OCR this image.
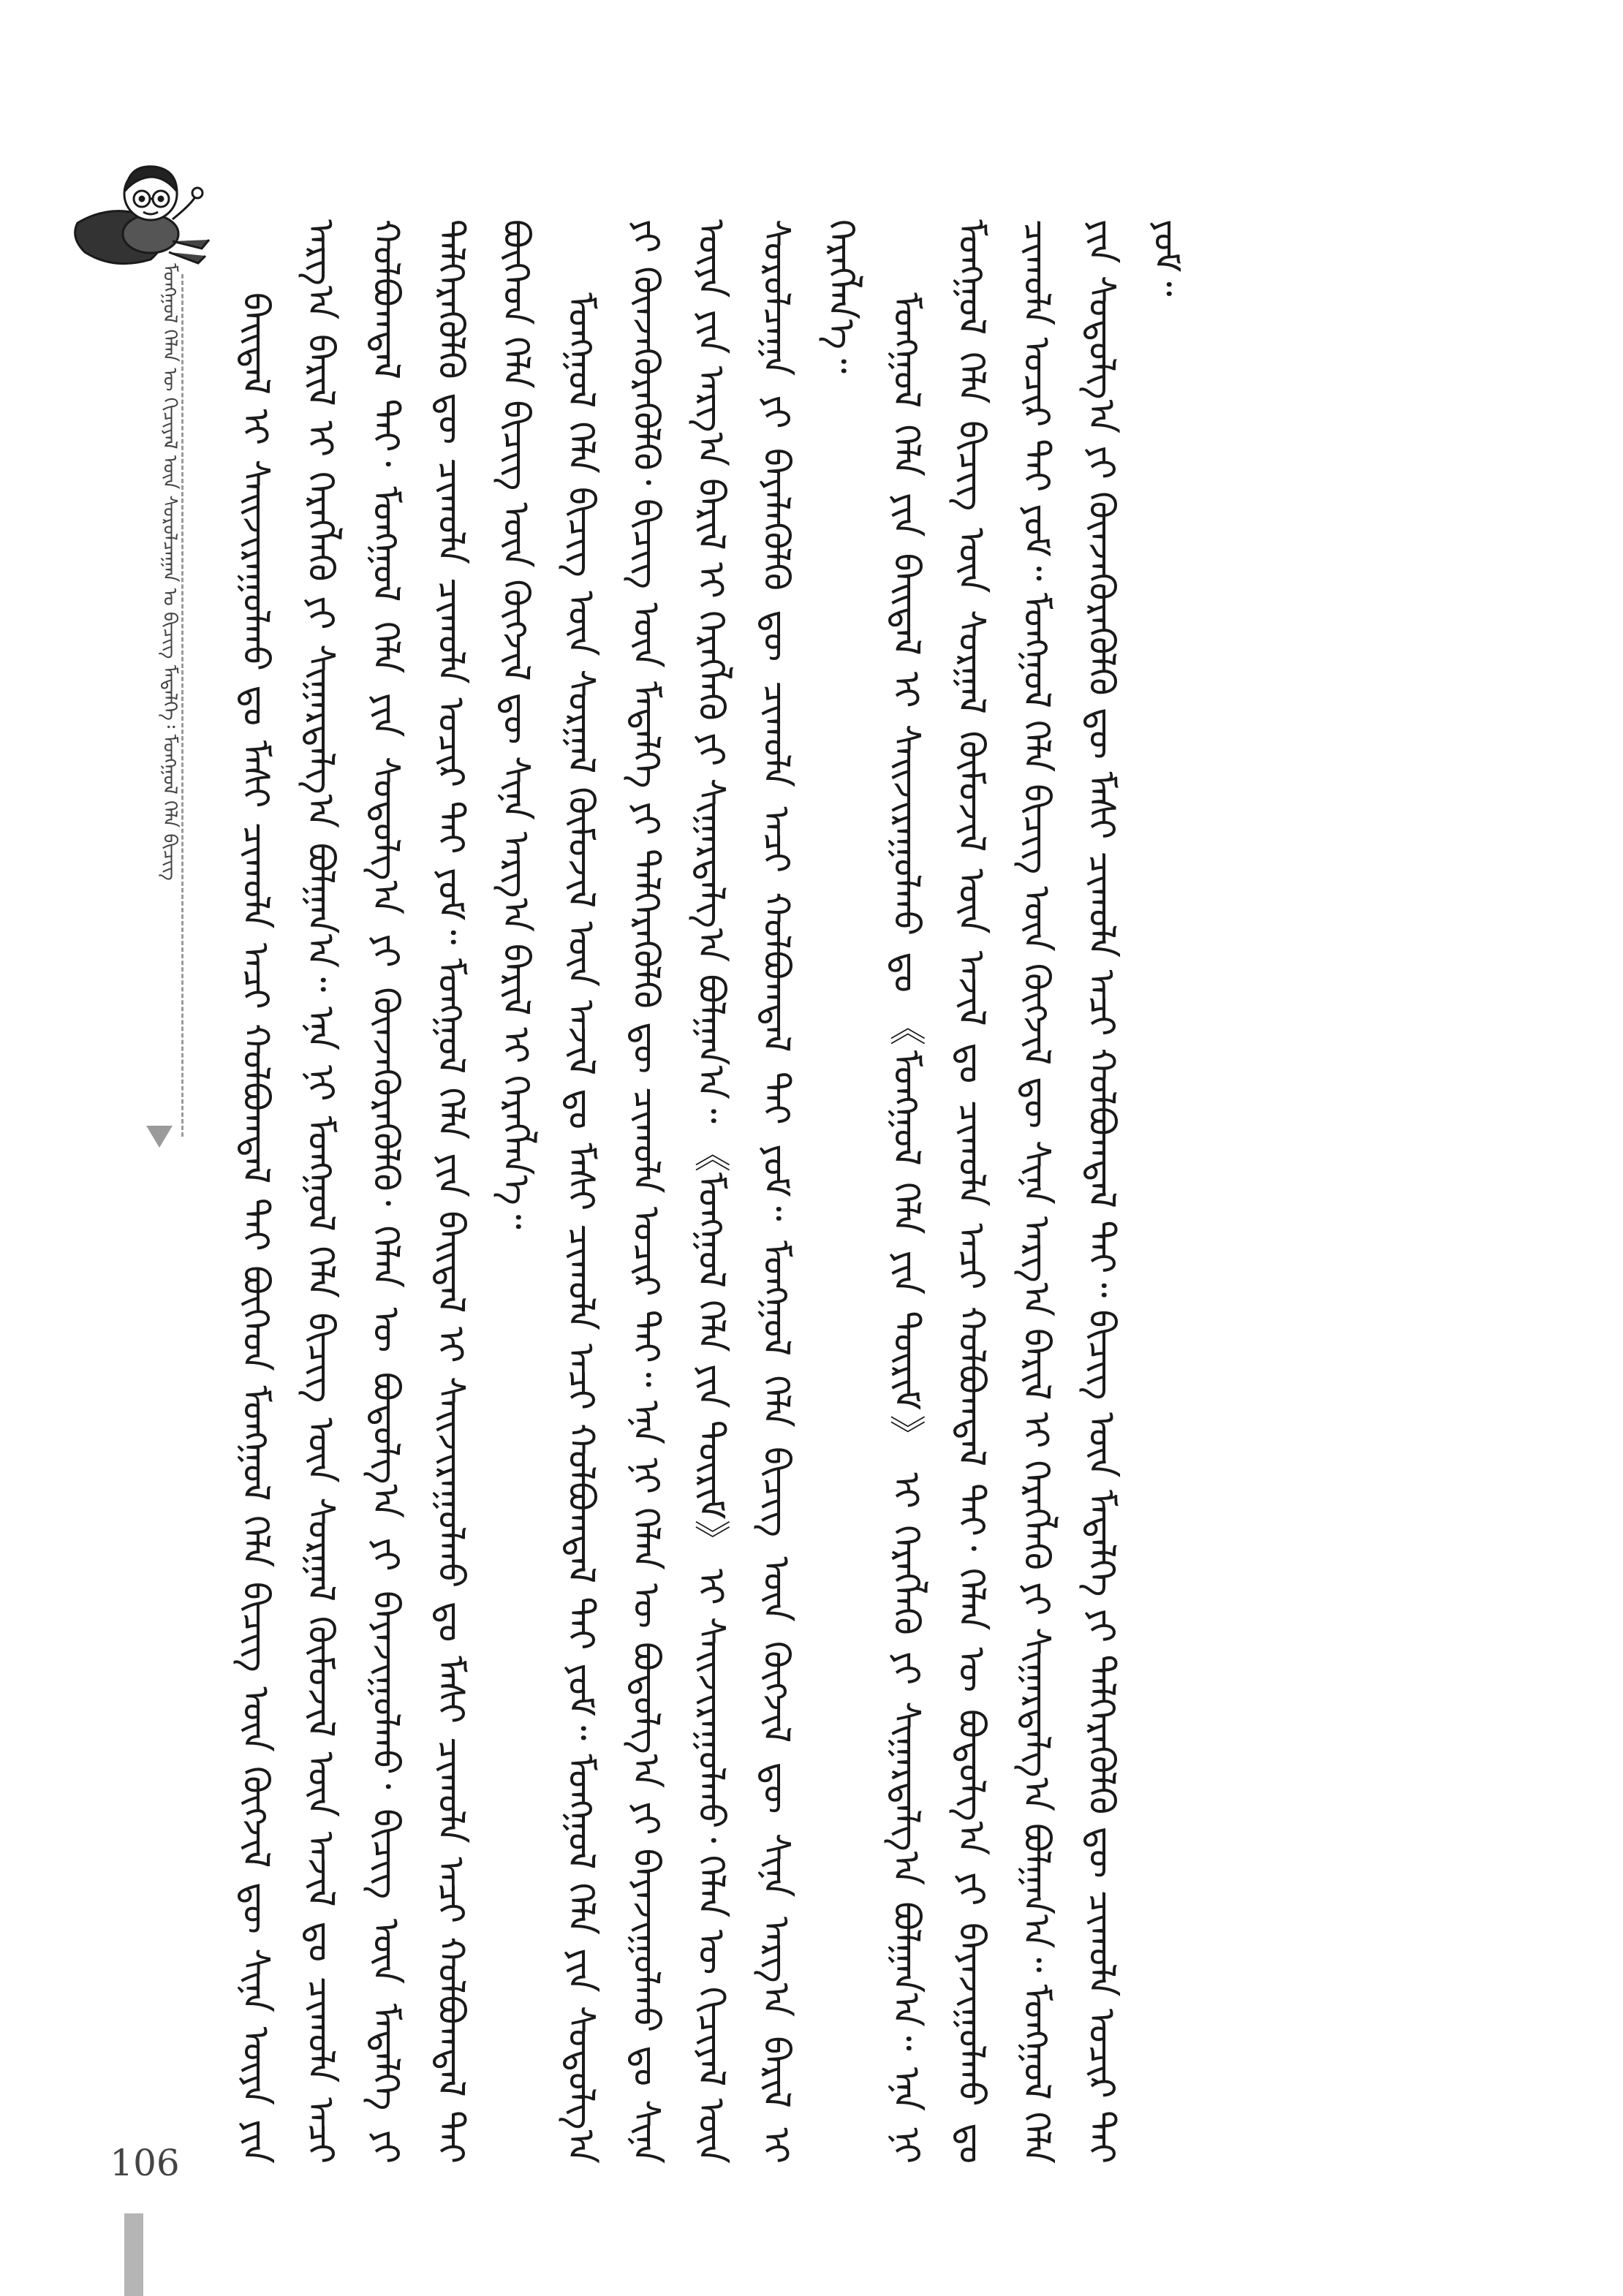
ᠮᠣᠩᠭᠣᠯ ᠬᠡᠯᠡᠨ ᠦ ᠬᠢᠴᠢᠶᠡᠯ ᠦᠨ ᠰᠤᠷᠤᠯᠴᠠᠭᠠᠨ ᠤ ᠪᠢᠴᠢᠭ ᠮᠡᠳᠡᠯᠭᠡ᠄ ᠮᠣᠩᠭᠣᠯ ᠬᠡᠯᠡ ᠪᠢᠴᠢᠭ	ᠪᠠᠢᠳᠠᠯ ᠢ ᠰᠠᠢᠵᠢᠷᠠᠭᠤᠯᠬᠤ ᠳᠤ ᠮᠠᠰᠢ ᠴᠢᠬᠤᠯᠠ ᠠᠴᠢ ᠬᠣᠯᠪᠣᠭᠳᠠᠯ ᠲᠠᠢ ᠪᠥᠭᠡᠳ ᠮᠣᠩᠭᠣᠯ ᠬᠡᠯᠡ ᠪᠢᠴᠢᠭ ᠦᠨ ᠬᠥᠭᠵᠢᠯ ᠳᠦ ᠰᠢᠨᠡ ᠦᠶᠡ ᠶᠢᠨ ᠠᠷᠭ᠎ᠠ ᠪᠠᠷᠢᠯ ᠢ ᠬᠡᠷᠡᠭᠯᠡᠬᠦ ᠶᠢ ᠰᠢᠭᠠᠷᠳᠠᠯᠭ᠎ᠠ ᠪᠣᠯᠭᠠᠨ᠎ᠠ᠃ ᠡᠨᠡ ᠨᠢ ᠮᠣᠩᠭᠣᠯ ᠬᠡᠯᠡ ᠪᠢᠴᠢᠭ ᠦᠨ ᠰᠤᠷᠭᠠᠯ ᠬᠦᠮᠦᠵᠢᠯ ᠦᠨ ᠠᠵᠢᠯ ᠳᠤ ᠴᠢᠬᠤᠯᠠ ᠠᠴᠢ ᠬᠣᠯᠪᠣᠭᠳᠠᠯ ᠲᠠᠢ᠂ ᠮᠣᠩᠭᠣᠯ ᠬᠡᠯᠡ ᠶᠢᠨ ᠰᠤᠳᠤᠯᠭ᠎ᠠ ᠶᠢ ᠭᠦᠨᠵᠡᠭᠦᠷᠡᠭᠦᠯᠬᠦ᠂ ᠬᠡᠯᠡᠨ ᠦ ᠪᠤᠳᠤᠯᠭ᠎ᠠ ᠶᠢ ᠪᠠᠶᠠᠵᠢᠭᠤᠯᠬᠤ᠂ ᠪᠢᠴᠢᠭ ᠦᠨ ᠮᠡᠳᠡᠯᠭᠡ ᠶᠢ ᠳᠡᠯᠭᠡᠷᠡᠭᠦᠯᠬᠦ ᠳᠦ ᠴᠢᠬᠤᠯᠠ ᠴᠢᠬᠤᠯᠠ ᠤᠴᠢᠷ ᠲᠠᠢ ᠶᠤᠮ᠃ ᠮᠣᠩᠭᠣᠯ ᠬᠡᠯᠡ ᠶᠢᠨ ᠪᠠᠢᠳᠠᠯ ᠢ ᠰᠠᠢᠵᠢᠷᠠᠭᠤᠯᠬᠤ ᠳᠤ ᠮᠠᠰᠢ ᠴᠢᠬᠤᠯᠠ ᠠᠴᠢ ᠬᠣᠯᠪᠣᠭᠳᠠᠯ ᠲᠠᠢ ᠪᠥᠭᠡᠳ ᠬᠡᠯᠡ ᠪᠢᠴᠢᠭ ᠦᠨ ᠬᠥᠭᠵᠢᠯ ᠳᠦ ᠰᠢᠨᠡ ᠠᠷᠭ᠎ᠠ ᠪᠠᠷᠢᠯ ᠢ ᠬᠡᠷᠡᠭᠯᠡᠨ᠎ᠡ᠃ ᠮᠣᠩᠭᠣᠯ ᠬᠡᠯᠡ ᠪᠢᠴᠢᠭ ᠦᠨ ᠰᠤᠷᠭᠠᠯ ᠬᠦᠮᠦᠵᠢᠯ ᠦᠨ ᠠᠵᠢᠯ ᠳᠤ ᠮᠠᠰᠢ ᠴᠢᠬᠤᠯᠠ ᠠᠴᠢ ᠬᠣᠯᠪᠣᠭᠳᠠᠯ ᠲᠠᠢ ᠶᠤᠮ᠃ ᠮᠣᠩᠭᠣᠯ ᠬᠡᠯᠡ ᠶᠢᠨ ᠰᠤᠳᠤᠯᠭ᠎ᠠ ᠶᠢ ᠭᠦᠨᠵᠡᠭᠦᠷᠡᠭᠦᠯᠬᠦ᠂ ᠪᠢᠴᠢᠭ ᠦᠨ ᠮᠡᠳᠡᠯᠭᠡ ᠶᠢ ᠳᠡᠯᠭᠡᠷᠡᠭᠦᠯᠬᠦ ᠳᠦ ᠴᠢᠬᠤᠯᠠ ᠤᠴᠢᠷ ᠲᠠᠢ᠃ ᠡᠨᠡ ᠨᠢ ᠬᠡᠯᠡᠨ ᠦ ᠪᠤᠳᠤᠯᠭ᠎ᠠ ᠶᠢ ᠪᠠᠶᠠᠵᠢᠭᠤᠯᠬᠤ ᠳᠤ ᠰᠢᠨᠡ ᠦᠶᠡ ᠶᠢᠨ ᠠᠷᠭ᠎ᠠ ᠪᠠᠷᠢᠯ ᠢ ᠬᠡᠷᠡᠭᠯᠡᠬᠦ ᠶᠢ ᠰᠢᠭᠠᠷᠳᠠᠯᠭ᠎ᠠ ᠪᠣᠯᠭᠠᠨ᠎ᠠ᠃ 《ᠮᠣᠩᠭᠣᠯ ᠬᠡᠯᠡ ᠶᠢᠨ ᠳᠦᠷᠢᠮ》 ᠢ ᠰᠠᠢᠵᠢᠷᠠᠭᠤᠯᠬᠤ᠂ ᠬᠡᠯᠡᠨ ᠦ ᠬᠢᠴᠢᠶᠡᠯ ᠦᠨ ᠰᠤᠷᠤᠯᠴᠠᠭᠠ ᠶᠢ ᠪᠡᠶᠡᠯᠡᠭᠦᠯᠬᠦ ᠳᠦ ᠴᠢᠬᠤᠯᠠ ᠠᠴᠢ ᠬᠣᠯᠪᠣᠭᠳᠠᠯ ᠲᠠᠢ ᠶᠤᠮ᠃ ᠮᠣᠩᠭᠣᠯ ᠬᠡᠯᠡ ᠪᠢᠴᠢᠭ ᠦᠨ ᠬᠥᠭᠵᠢᠯ ᠳᠦ ᠰᠢᠨᠡ ᠠᠷᠭ᠎ᠠ ᠪᠠᠷᠢᠯ ᠢ ᠬᠡᠷᠡᠭᠯᠡᠨ᠎ᠡ᠃ ᠮᠣᠩᠭᠣᠯ ᠬᠡᠯᠡ ᠶᠢᠨ ᠪᠠᠢᠳᠠᠯ ᠢ ᠰᠠᠢᠵᠢᠷᠠᠭᠤᠯᠬᠤ ᠳᠤ 《ᠮᠣᠩᠭᠣᠯ ᠬᠡᠯᠡ ᠶᠢᠨ ᠳᠦᠷᠢᠮ》 ᠢ ᠬᠡᠷᠡᠭᠯᠡᠬᠦ ᠶᠢ ᠰᠢᠭᠠᠷᠳᠠᠯᠭ᠎ᠠ ᠪᠣᠯᠭᠠᠨ᠎ᠠ᠃ ᠡᠨᠡ ᠨᠢ ᠮᠣᠩᠭᠣᠯ ᠬᠡᠯᠡ ᠪᠢᠴᠢᠭ ᠦᠨ ᠰᠤᠷᠭᠠᠯ ᠬᠦᠮᠦᠵᠢᠯ ᠦᠨ ᠠᠵᠢᠯ ᠳᠤ ᠴᠢᠬᠤᠯᠠ ᠠᠴᠢ ᠬᠣᠯᠪᠣᠭᠳᠠᠯ ᠲᠠᠢ᠂ ᠬᠡᠯᠡᠨ ᠦ ᠪᠤᠳᠤᠯᠭ᠎ᠠ ᠶᠢ ᠪᠠᠶᠠᠵᠢᠭᠤᠯᠬᠤ ᠳᠤ ᠴᠢᠬᠤᠯᠠ ᠤᠴᠢᠷ ᠲᠠᠢ ᠶᠤᠮ᠃ ᠮᠣᠩᠭᠣᠯ ᠬᠡᠯᠡ ᠪᠢᠴᠢᠭ ᠦᠨ ᠬᠥᠭᠵᠢᠯ ᠳᠦ ᠰᠢᠨᠡ ᠠᠷᠭ᠎ᠠ ᠪᠠᠷᠢᠯ ᠢ ᠬᠡᠷᠡᠭᠯᠡᠬᠦ ᠶᠢ ᠰᠢᠭᠠᠷᠳᠠᠯᠭ᠎ᠠ ᠪᠣᠯᠭᠠᠨ᠎ᠠ᠃ ᠮᠣᠩᠭᠣᠯ ᠬᠡᠯᠡ ᠶᠢᠨ ᠰᠤᠳᠤᠯᠭ᠎ᠠ ᠶᠢ ᠭᠦᠨᠵᠡᠭᠦᠷᠡᠭᠦᠯᠬᠦ ᠳᠦ ᠮᠠᠰᠢ ᠴᠢᠬᠤᠯᠠ ᠠᠴᠢ ᠬᠣᠯᠪᠣᠭᠳᠠᠯ ᠲᠠᠢ᠃ ᠪᠢᠴᠢᠭ ᠦᠨ ᠮᠡᠳᠡᠯᠭᠡ ᠶᠢ ᠳᠡᠯᠭᠡᠷᠡᠭᠦᠯᠬᠦ ᠳᠦ ᠴᠢᠬᠤᠯᠠ ᠤᠴᠢᠷ ᠲᠠᠢ ᠶᠤᠮ᠃

106
